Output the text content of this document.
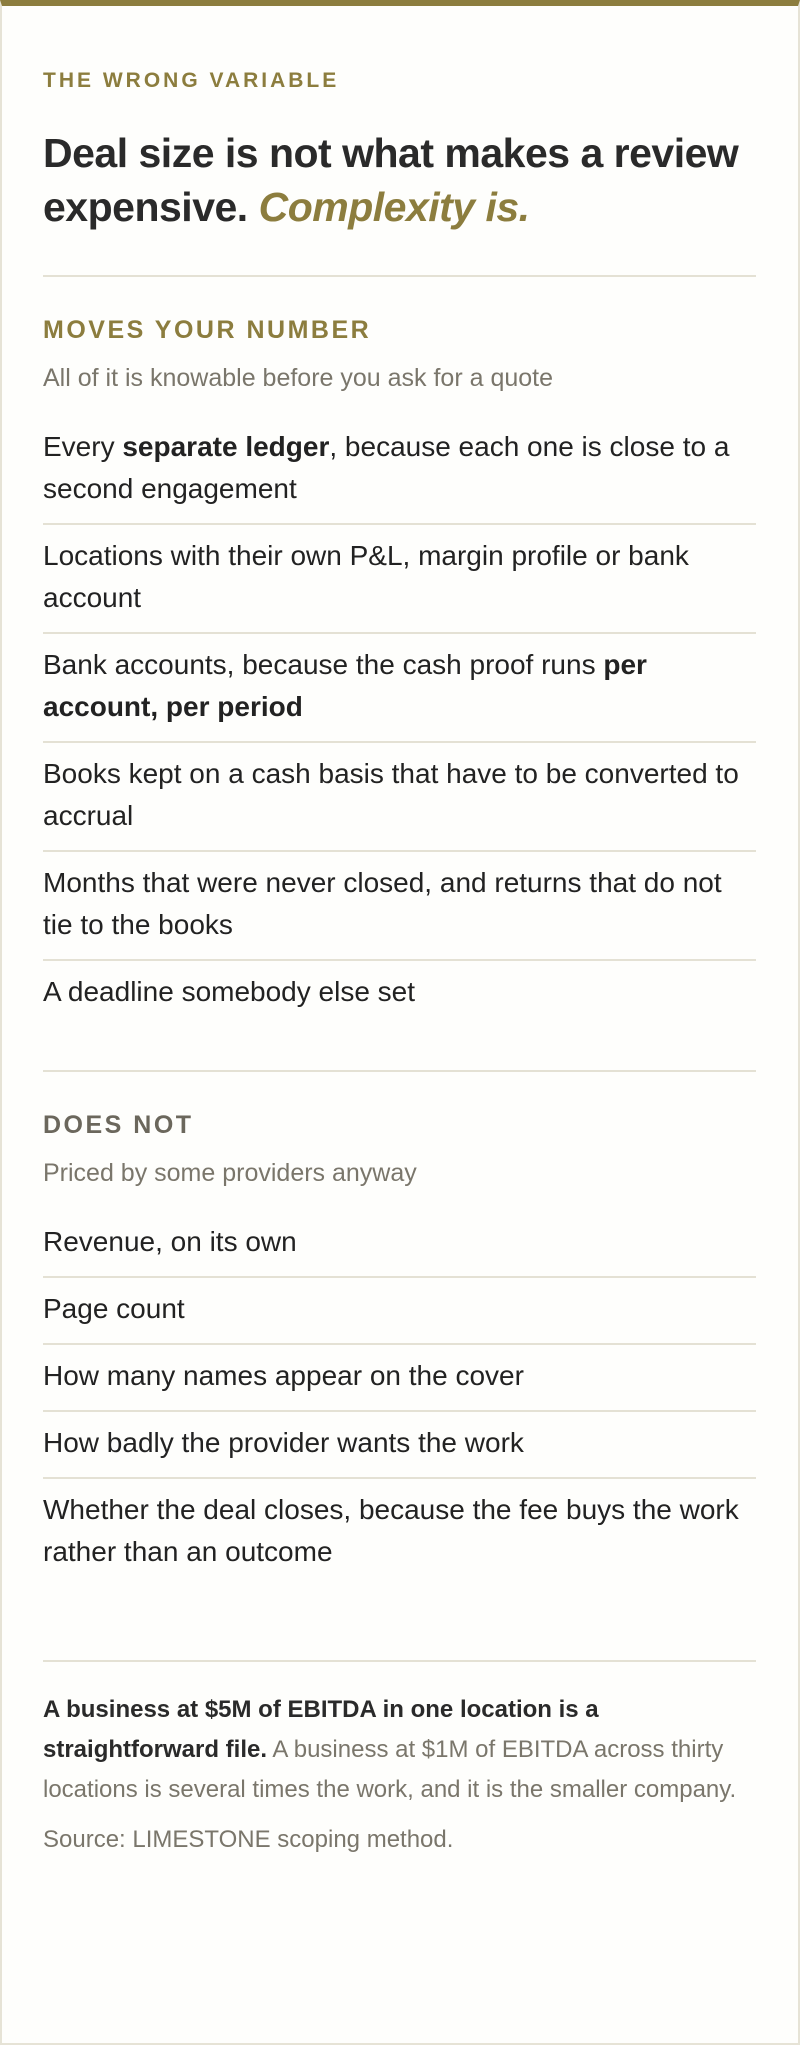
THE WRONG VARIABLE

Deal size is not what makes a review expensive. Complexity is.
MOVES YOUR NUMBER

All of it is knowable before you ask for a quote

Every separate ledger, because each one is close to a second engagement
Locations with their own P&L, margin profile or bank account
Bank accounts, because the cash proof runs per account, per period
Books kept on a cash basis that have to be converted to accrual
Months that were never closed, and returns that do not tie to the books
A deadline somebody else set
DOES NOT

Priced by some providers anyway

Revenue, on its own
Page count
How many names appear on the cover
How badly the provider wants the work
Whether the deal closes, because the fee buys the work rather than an outcome

A business at $5M of EBITDA in one location is a straightforward file. A business at $1M of EBITDA across thirty locations is several times the work, and it is the smaller company.

Source: LIMESTONE scoping method.
